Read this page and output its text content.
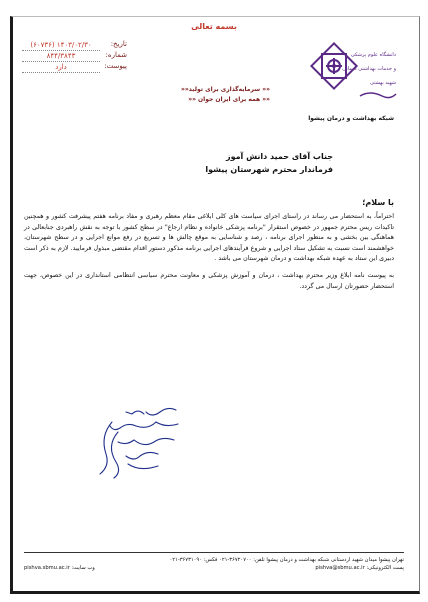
بسمه تعالی
تاریخ:
۱۴۰۳/۰۲/۳۰ (۶۰۷۳۶)
شماره:
۸۴۴/۳۸۴۳
پیوست:
دارد
«« سرمایه‌گذاری برای تولید««
«« همه برای ایران جوان ««
دانشگاه علوم پزشکی
و خدمات بهداشتی درمانی
شهید بهشتی
شبکه بهداشت و درمان پیشوا
جناب آقای حمید دانش آموز
فرماندار محترم شهرستان پیشوا
با سلام؛

احتراماً، به استحضار می رساند در راستای اجرای سیاست های کلی ابلاغی مقام معظم رهبری و مفاد برنامه هفتم پیشرفت کشور و همچنین تاکیدات ریس محترم جمهور در خصوص استقرار "برنامه پزشکی خانواده و نظام ارجاع" در سطح کشور با توجه به نقش راهبردی جنابعالی در هماهنگی بین بخشی و به منظور اجرای برنامه ، رصد و شناسایی به موقع چالش ها و تسریع در رفع موانع اجرایی و در سطح شهرستان، خواهشمند است نسبت به تشکیل ستاد اجرایی و شروع فرآیندهای اجرایی برنامه مذکور دستور اقدام مقتضی مبذول فرمایید. لازم به ذکر است دبیری این ستاد به عهده شبکه بهداشت و درمان شهرستان می باشد .

به پیوست نامه ابلاغ وزیر محترم بهداشت ، درمان و آموزش پزشکی و معاونت محترم سیاسی انتظامی استانداری در این خصوص، جهت استحضار حضورتان ارسال می گردد.

تهران پیشوا میدان شهید اردستانی شبکه بهداشت و درمان پیشوا تلفن: ۳۶۷۲۰۷۰۰-۰۲۱ فکس: ۳۶۷۳۱۰۹۰-۰۲۱
وب سایت: pishva.sbmu.ac.ir	پست الکترونیکی: pishva@sbmu.ac.ir
